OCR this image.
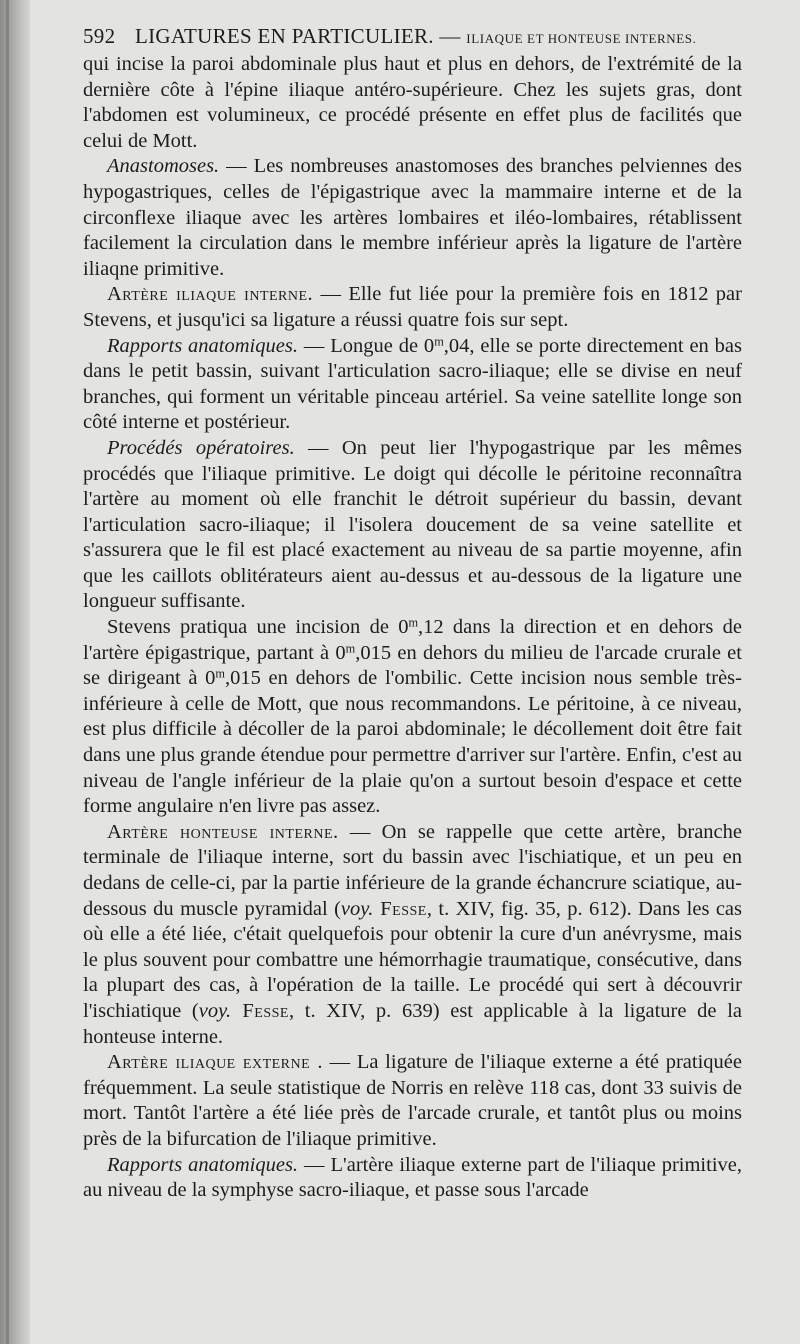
592 LIGATURES EN PARTICULIER. — ILIAQUE ET HONTEUSE INTERNES.

qui incise la paroi abdominale plus haut et plus en dehors, de l'extrémité de la dernière côte à l'épine iliaque antéro-supérieure. Chez les sujets gras, dont l'abdomen est volumineux, ce procédé présente en effet plus de facilités que celui de Mott.

Anastomoses. — Les nombreuses anastomoses des branches pelviennes des hypogastriques, celles de l'épigastrique avec la mammaire interne et de la circonflexe iliaque avec les artères lombaires et iléo-lombaires, rétablissent facilement la circulation dans le membre inférieur après la ligature de l'artère iliaqne primitive.

Artère iliaque interne. — Elle fut liée pour la première fois en 1812 par Stevens, et jusqu'ici sa ligature a réussi quatre fois sur sept.

Rapports anatomiques. — Longue de 0$^m$,04, elle se porte directement en bas dans le petit bassin, suivant l'articulation sacro-iliaque; elle se divise en neuf branches, qui forment un véritable pinceau artériel. Sa veine satellite longe son côté interne et postérieur.

Procédés opératoires. — On peut lier l'hypogastrique par les mêmes procédés que l'iliaque primitive. Le doigt qui décolle le péritoine reconnaîtra l'artère au moment où elle franchit le détroit supérieur du bassin, devant l'articulation sacro-iliaque; il l'isolera doucement de sa veine satellite et s'assurera que le fil est placé exactement au niveau de sa partie moyenne, afin que les caillots oblitérateurs aient au-dessus et au-dessous de la ligature une longueur suffisante.

Stevens pratiqua une incision de 0$^m$,12 dans la direction et en dehors de l'artère épigastrique, partant à 0$^m$,015 en dehors du milieu de l'arcade crurale et se dirigeant à 0$^m$,015 en dehors de l'ombilic. Cette incision nous semble très-inférieure à celle de Mott, que nous recommandons. Le péritoine, à ce niveau, est plus difficile à décoller de la paroi abdominale; le décollement doit être fait dans une plus grande étendue pour permettre d'arriver sur l'artère. Enfin, c'est au niveau de l'angle inférieur de la plaie qu'on a surtout besoin d'espace et cette forme angulaire n'en livre pas assez.

Artère honteuse interne. — On se rappelle que cette artère, branche terminale de l'iliaque interne, sort du bassin avec l'ischiatique, et un peu en dedans de celle-ci, par la partie inférieure de la grande échancrure sciatique, au-dessous du muscle pyramidal (voy. Fesse, t. XIV, fig. 35, p. 612). Dans les cas où elle a été liée, c'était quelquefois pour obtenir la cure d'un anévrysme, mais le plus souvent pour combattre une hémorrhagie traumatique, consécutive, dans la plupart des cas, à l'opération de la taille. Le procédé qui sert à découvrir l'ischiatique (voy. Fesse, t. XIV, p. 639) est applicable à la ligature de la honteuse interne.

Artère iliaque externe . — La ligature de l'iliaque externe a été pratiquée fréquemment. La seule statistique de Norris en relève 118 cas, dont 33 suivis de mort. Tantôt l'artère a été liée près de l'arcade crurale, et tantôt plus ou moins près de la bifurcation de l'iliaque primitive.

Rapports anatomiques. — L'artère iliaque externe part de l'iliaque primitive, au niveau de la symphyse sacro-iliaque, et passe sous l'arcade
